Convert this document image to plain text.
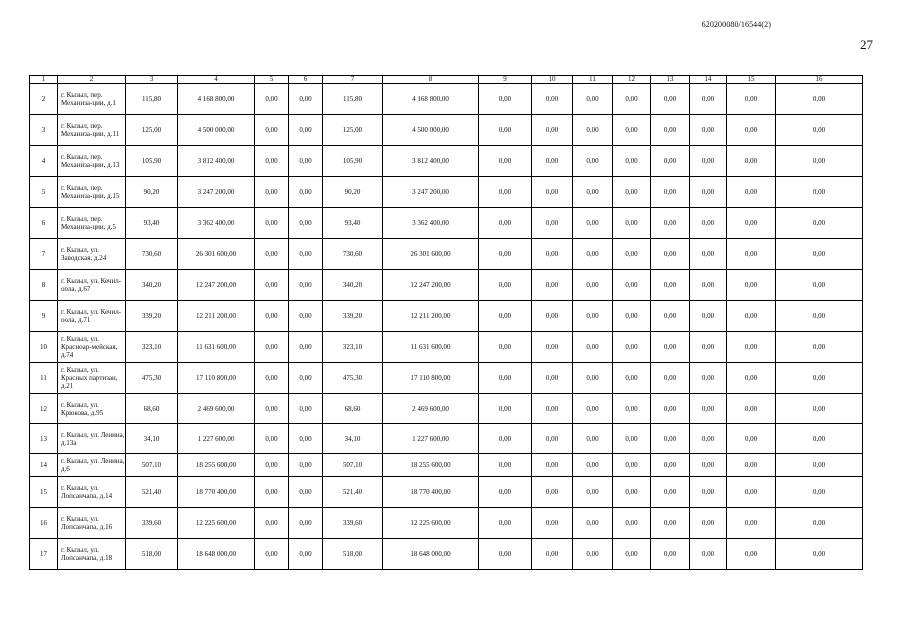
620200080/16544(2)
27
1	2	3	4	5	6	7	8	9	10	11	12	13	14	15	16
2	г. Кызыл, пер. Механиза-ции, д.1	115,80	4 168 800,00	0,00	0,00	115,80	4 168 800,00	0,00	0,00	0,00	0,00	0,00	0,00	0,00	0,00
3	г. Кызыл, пер. Механиза-ции, д.11	125,00	4 500 000,00	0,00	0,00	125,00	4 500 000,00	0,00	0,00	0,00	0,00	0,00	0,00	0,00	0,00
4	г. Кызыл, пер. Механиза-ции, д.13	105,90	3 812 400,00	0,00	0,00	105,90	3 812 400,00	0,00	0,00	0,00	0,00	0,00	0,00	0,00	0,00
5	г. Кызыл, пер. Механиза-ции, д.15	90,20	3 247 200,00	0,00	0,00	90,20	3 247 200,00	0,00	0,00	0,00	0,00	0,00	0,00	0,00	0,00
6	г. Кызыл, пер. Механиза-ции, д.5	93,40	3 362 400,00	0,00	0,00	93,40	3 362 400,00	0,00	0,00	0,00	0,00	0,00	0,00	0,00	0,00
7	г. Кызыл, ул. Заводская, д.24	730,60	26 301 600,00	0,00	0,00	730,60	26 301 600,00	0,00	0,00	0,00	0,00	0,00	0,00	0,00	0,00
8	г. Кызыл, ул. Кечил-оола, д.67	340,20	12 247 200,00	0,00	0,00	340,20	12 247 200,00	0,00	0,00	0,00	0,00	0,00	0,00	0,00	0,00
9	г. Кызыл, ул. Кечил-оола, д.71	339,20	12 211 200,00	0,00	0,00	339,20	12 211 200,00	0,00	0,00	0,00	0,00	0,00	0,00	0,00	0,00
10	г. Кызыл, ул. Краснoар-мейская, д.74	323,10	11 631 600,00	0,00	0,00	323,10	11 631 600,00	0,00	0,00	0,00	0,00	0,00	0,00	0,00	0,00
11	г. Кызыл, ул. Красных партизан, д.21	475,30	17 110 800,00	0,00	0,00	475,30	17 110 800,00	0,00	0,00	0,00	0,00	0,00	0,00	0,00	0,00
12	г. Кызыл, ул. Крюкова, д.95	68,60	2 469 600,00	0,00	0,00	68,60	2 469 600,00	0,00	0,00	0,00	0,00	0,00	0,00	0,00	0,00
13	г. Кызыл, ул. Ленина, д.13а	34,10	1 227 600,00	0,00	0,00	34,10	1 227 600,00	0,00	0,00	0,00	0,00	0,00	0,00	0,00	0,00
14	г. Кызыл, ул. Ленина, д.6	507,10	18 255 600,00	0,00	0,00	507,10	18 255 600,00	0,00	0,00	0,00	0,00	0,00	0,00	0,00	0,00
15	г. Кызыл, ул. Лопсанчапа, д.14	521,40	18 770 400,00	0,00	0,00	521,40	18 770 400,00	0,00	0,00	0,00	0,00	0,00	0,00	0,00	0,00
16	г. Кызыл, ул. Лопсанчапа, д.16	339,60	12 225 600,00	0,00	0,00	339,60	12 225 600,00	0,00	0,00	0,00	0,00	0,00	0,00	0,00	0,00
17	г. Кызыл, ул. Лопсанчапа, д.18	518,00	18 648 000,00	0,00	0,00	518,00	18 648 000,00	0,00	0,00	0,00	0,00	0,00	0,00	0,00	0,00
